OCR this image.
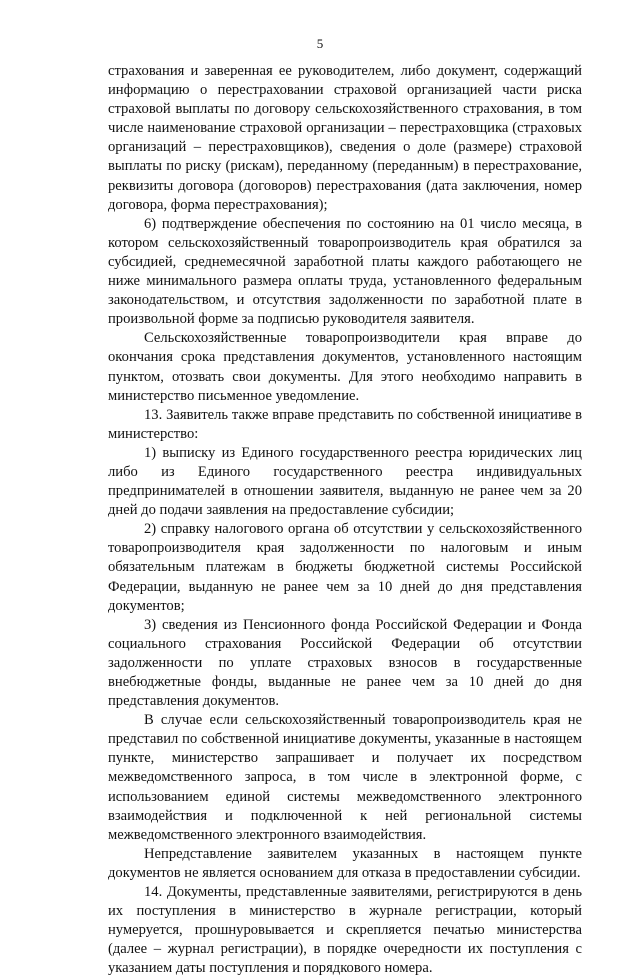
5

страхования и заверенная ее руководителем, либо документ, содержащий информацию о перестраховании страховой организацией части риска страховой выплаты по договору сельскохозяйственного страхования, в том числе наименование страховой организации – перестраховщика (страховых организаций – перестраховщиков), сведения о доле (размере) страховой выплаты по риску (рискам), переданному (переданным) в перестрахование, реквизиты договора (договоров) перестрахования (дата заключения, номер договора, форма перестрахования);

6) подтверждение обеспечения по состоянию на 01 число месяца, в котором сельскохозяйственный товаропроизводитель края обратился за субсидией, среднемесячной заработной платы каждого работающего не ниже минимального размера оплаты труда, установленного федеральным законодательством, и отсутствия задолженности по заработной плате в произвольной форме за подписью руководителя заявителя.

Сельскохозяйственные товаропроизводители края вправе до окончания срока представления документов, установленного настоящим пунктом, отозвать свои документы. Для этого необходимо направить в министерство письменное уведомление.

13. Заявитель также вправе представить по собственной инициативе в министерство:

1) выписку из Единого государственного реестра юридических лиц либо из Единого государственного реестра индивидуальных предпринимателей в отношении заявителя, выданную не ранее чем за 20 дней до подачи заявления на предоставление субсидии;

2) справку налогового органа об отсутствии у сельскохозяйственного товаропроизводителя края задолженности по налоговым и иным обязательным платежам в бюджеты бюджетной системы Российской Федерации, выданную не ранее чем за 10 дней до дня представления документов;

3) сведения из Пенсионного фонда Российской Федерации и Фонда социального страхования Российской Федерации об отсутствии задолженности по уплате страховых взносов в государственные внебюджетные фонды, выданные не ранее чем за 10 дней до дня представления документов.

В случае если сельскохозяйственный товаропроизводитель края не представил по собственной инициативе документы, указанные в настоящем пункте, министерство запрашивает и получает их посредством межведомственного запроса, в том числе в электронной форме, с использованием единой системы межведомственного электронного взаимодействия и подключенной к ней региональной системы межведомственного электронного взаимодействия.

Непредставление заявителем указанных в настоящем пункте документов не является основанием для отказа в предоставлении субсидии.

14. Документы, представленные заявителями, регистрируются в день их поступления в министерство в журнале регистрации, который нумеруется, прошнуровывается и скрепляется печатью министерства (далее – журнал регистрации), в порядке очередности их поступления с указанием даты поступления и порядкового номера.
